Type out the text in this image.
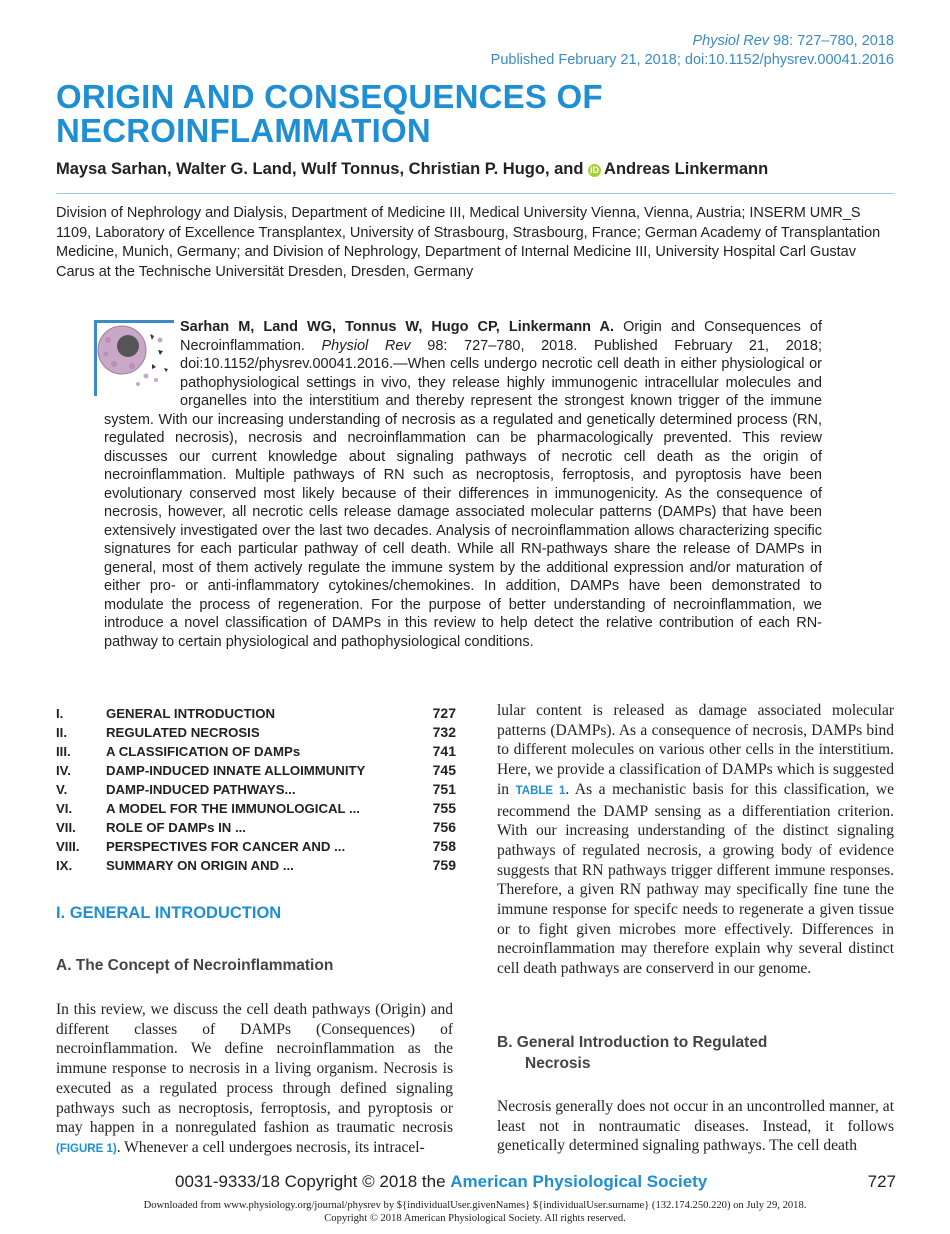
Physiol Rev 98: 727–780, 2018
Published February 21, 2018; doi:10.1152/physrev.00041.2016
ORIGIN AND CONSEQUENCES OF
NECROINFLAMMATION
Maysa Sarhan, Walter G. Land, Wulf Tonnus, Christian P. Hugo, and iD Andreas Linkermann
Division of Nephrology and Dialysis, Department of Medicine III, Medical University Vienna, Vienna, Austria; INSERM UMR_S 1109, Laboratory of Excellence Transplantex, University of Strasbourg, Strasbourg, France; German Academy of Transplantation Medicine, Munich, Germany; and Division of Nephrology, Department of Internal Medicine III, University Hospital Carl Gustav Carus at the Technische Universität Dresden, Dresden, Germany
Sarhan M, Land WG, Tonnus W, Hugo CP, Linkermann A. Origin and Consequences of Necroinflammation. Physiol Rev 98: 727–780, 2018. Published February 21, 2018; doi:10.1152/physrev.00041.2016.—When cells undergo necrotic cell death in either physiological or pathophysiological settings in vivo, they release highly immunogenic intracellular molecules and organelles into the interstitium and thereby represent the strongest known trigger of the immune system. With our increasing understanding of necrosis as a regulated and genetically determined process (RN, regulated necrosis), necrosis and necroinflammation can be pharmacologically prevented. This review discusses our current knowledge about signaling pathways of necrotic cell death as the origin of necroinflammation. Multiple pathways of RN such as necroptosis, ferroptosis, and pyroptosis have been evolutionary conserved most likely because of their differences in immunogenicity. As the consequence of necrosis, however, all necrotic cells release damage associated molecular patterns (DAMPs) that have been extensively investigated over the last two decades. Analysis of necroinflammation allows characterizing specific signatures for each particular pathway of cell death. While all RN-pathways share the release of DAMPs in general, most of them actively regulate the immune system by the additional expression and/or maturation of either pro- or anti-inflammatory cytokines/chemokines. In addition, DAMPs have been demonstrated to modulate the process of regeneration. For the purpose of better understanding of necroinflammation, we introduce a novel classification of DAMPs in this review to help detect the relative contribution of each RN-pathway to certain physiological and pathophysiological conditions.
I.	GENERAL INTRODUCTION	727
II.	REGULATED NECROSIS	732
III.	A CLASSIFICATION OF DAMPs	741
IV.	DAMP-INDUCED INNATE ALLOIMMUNITY	745
V.	DAMP-INDUCED PATHWAYS...	751
VI.	A MODEL FOR THE IMMUNOLOGICAL ...	755
VII. ROLE OF DAMPs IN ...	756
VIII. PERSPECTIVES FOR CANCER AND ...	758
IX.	SUMMARY ON ORIGIN AND ...	759
I. GENERAL INTRODUCTION
A. The Concept of Necroinflammation
In this review, we discuss the cell death pathways (Origin) and different classes of DAMPs (Consequences) of necroinflammation. We define necroinflammation as the immune response to necrosis in a living organism. Necrosis is executed as a regulated process through defined signaling pathways such as necroptosis, ferroptosis, and pyroptosis or may happen in a nonregulated fashion as traumatic necrosis (FIGURE 1). Whenever a cell undergoes necrosis, its intracel-
lular content is released as damage associated molecular patterns (DAMPs). As a consequence of necrosis, DAMPs bind to different molecules on various other cells in the interstitium. Here, we provide a classification of DAMPs which is suggested in TABLE 1. As a mechanistic basis for this classification, we recommend the DAMP sensing as a differentiation criterion. With our increasing understanding of the distinct signaling pathways of regulated necrosis, a growing body of evidence suggests that RN pathways trigger different immune responses. Therefore, a given RN pathway may specifically fine tune the immune response for specifc needs to regenerate a given tissue or to fight given microbes more effectively. Differences in necroinflammation may therefore explain why several distinct cell death pathways are conserverd in our genome.
B. General Introduction to Regulated
Necrosis
Necrosis generally does not occur in an uncontrolled manner, at least not in nontraumatic diseases. Instead, it follows genetically determined signaling pathways. The cell death
0031-9333/18 Copyright © 2018 the American Physiological Society	727
Downloaded from www.physiology.org/journal/physrev by ${individualUser.givenNames} ${individualUser.surname} (132.174.250.220) on July 29, 2018.
Copyright © 2018 American Physiological Society. All rights reserved.
